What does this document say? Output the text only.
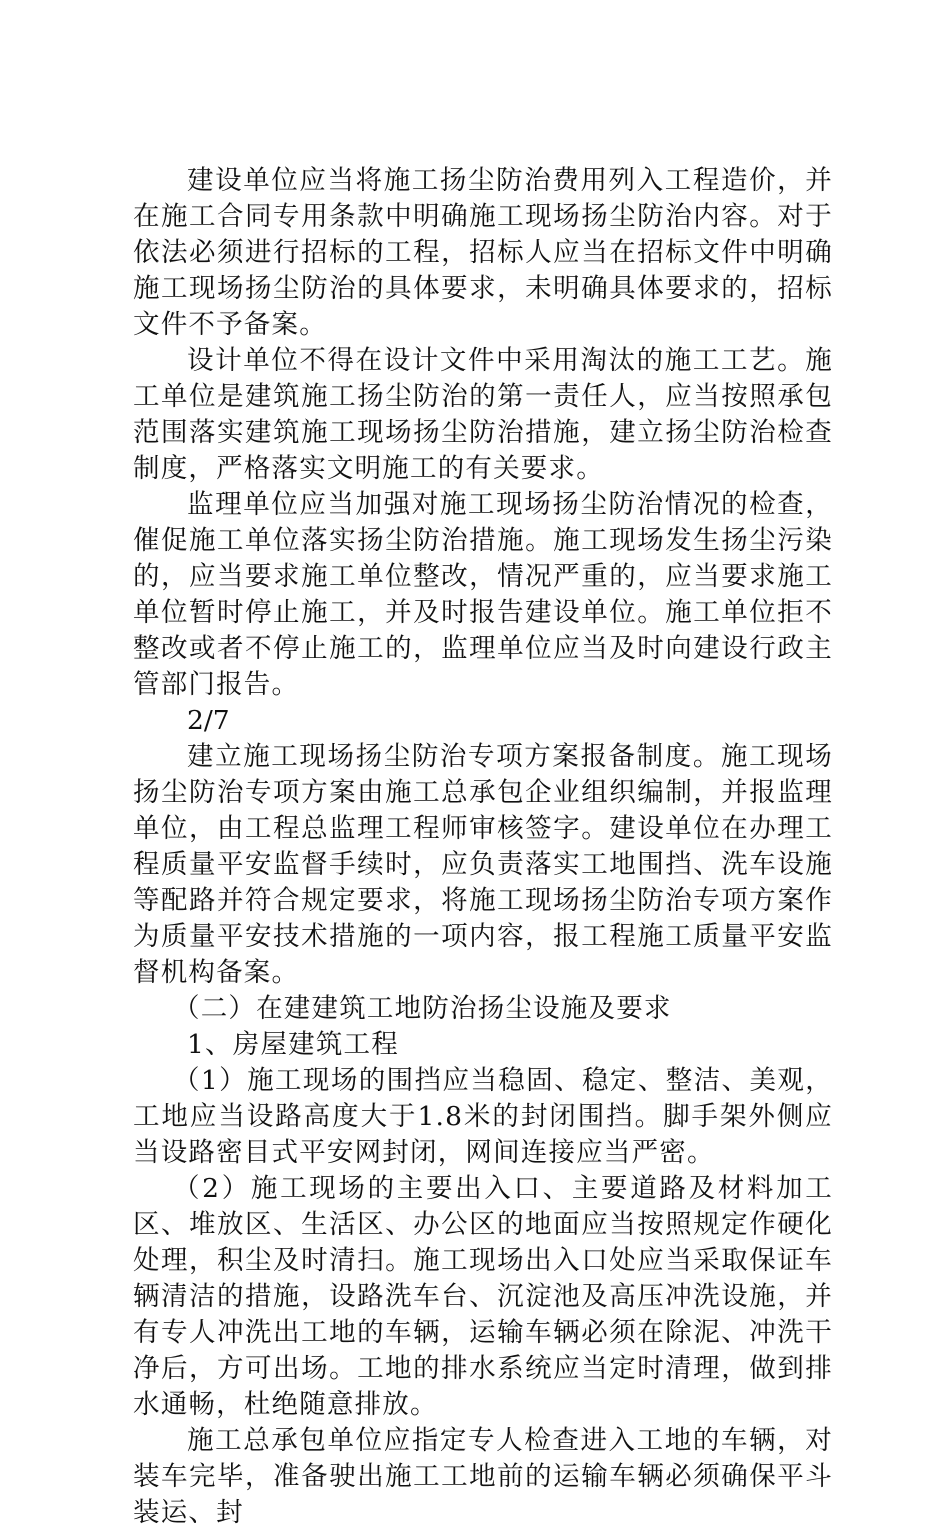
建设单位应当将施工扬尘防治费用列入工程造价，并在施工合同专用条款中明确施工现场扬尘防治内容。对于依法必须进行招标的工程，招标人应当在招标文件中明确施工现场扬尘防治的具体要求，未明确具体要求的，招标文件不予备案。

设计单位不得在设计文件中采用淘汰的施工工艺。施工单位是建筑施工扬尘防治的第一责任人，应当按照承包范围落实建筑施工现场扬尘防治措施，建立扬尘防治检查制度，严格落实文明施工的有关要求。

监理单位应当加强对施工现场扬尘防治情况的检查，催促施工单位落实扬尘防治措施。施工现场发生扬尘污染的，应当要求施工单位整改，情况严重的，应当要求施工单位暂时停止施工，并及时报告建设单位。施工单位拒不整改或者不停止施工的，监理单位应当及时向建设行政主管部门报告。

2/7

建立施工现场扬尘防治专项方案报备制度。施工现场扬尘防治专项方案由施工总承包企业组织编制，并报监理单位，由工程总监理工程师审核签字。建设单位在办理工程质量平安监督手续时，应负责落实工地围挡、洗车设施等配路并符合规定要求，将施工现场扬尘防治专项方案作为质量平安技术措施的一项内容，报工程施工质量平安监督机构备案。

（二）在建建筑工地防治扬尘设施及要求

1、房屋建筑工程

（1）施工现场的围挡应当稳固、稳定、整洁、美观，工地应当设路高度大于1.8米的封闭围挡。脚手架外侧应当设路密目式平安网封闭，网间连接应当严密。

（2）施工现场的主要出入口、主要道路及材料加工区、堆放区、生活区、办公区的地面应当按照规定作硬化处理，积尘及时清扫。施工现场出入口处应当采取保证车辆清洁的措施，设路洗车台、沉淀池及高压冲洗设施，并有专人冲洗出工地的车辆，运输车辆必须在除泥、冲洗干净后，方可出场。工地的排水系统应当定时清理，做到排水通畅，杜绝随意排放。

施工总承包单位应指定专人检查进入工地的车辆，对装车完毕，准备驶出施工工地前的运输车辆必须确保平斗装运、封
